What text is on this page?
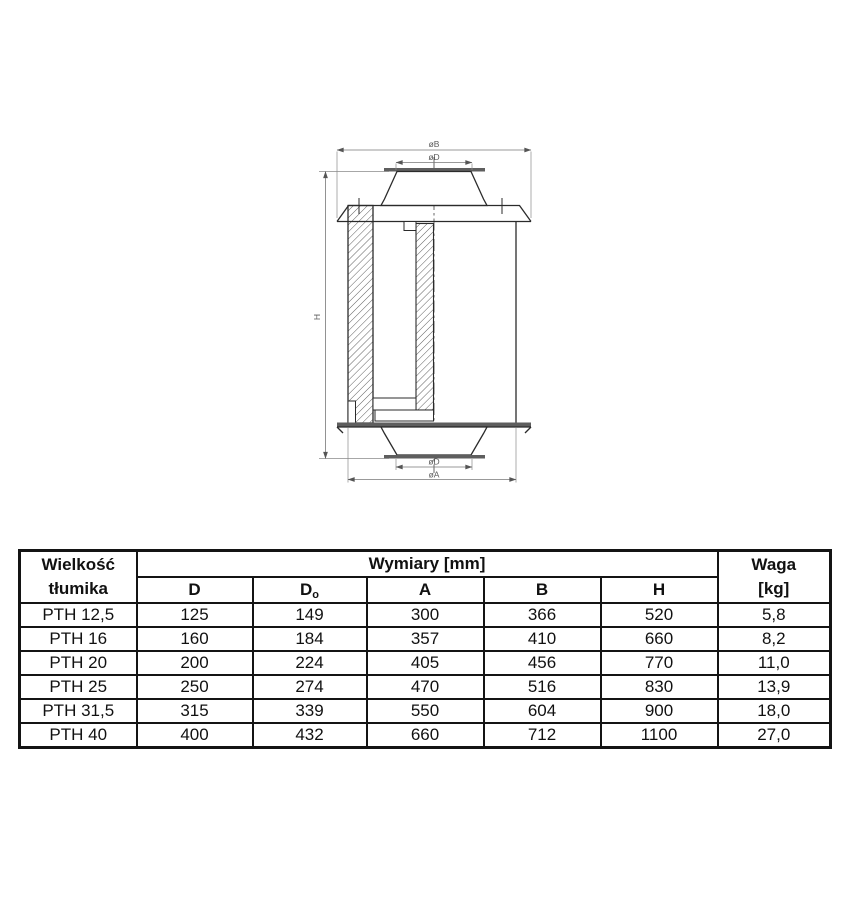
øB
øD
H
øD
øA
Wielkość
tłumika
	Wymiary [mm]	Waga
[kg]

	D	$D_o$	A	B	H	
PTH 12,5	125	149	300	366	520	5,8
PTH 16	160	184	357	410	660	8,2
PTH 20	200	224	405	456	770	11,0
PTH 25	250	274	470	516	830	13,9
PTH 31,5	315	339	550	604	900	18,0
PTH 40	400	432	660	712	1100	27,0
